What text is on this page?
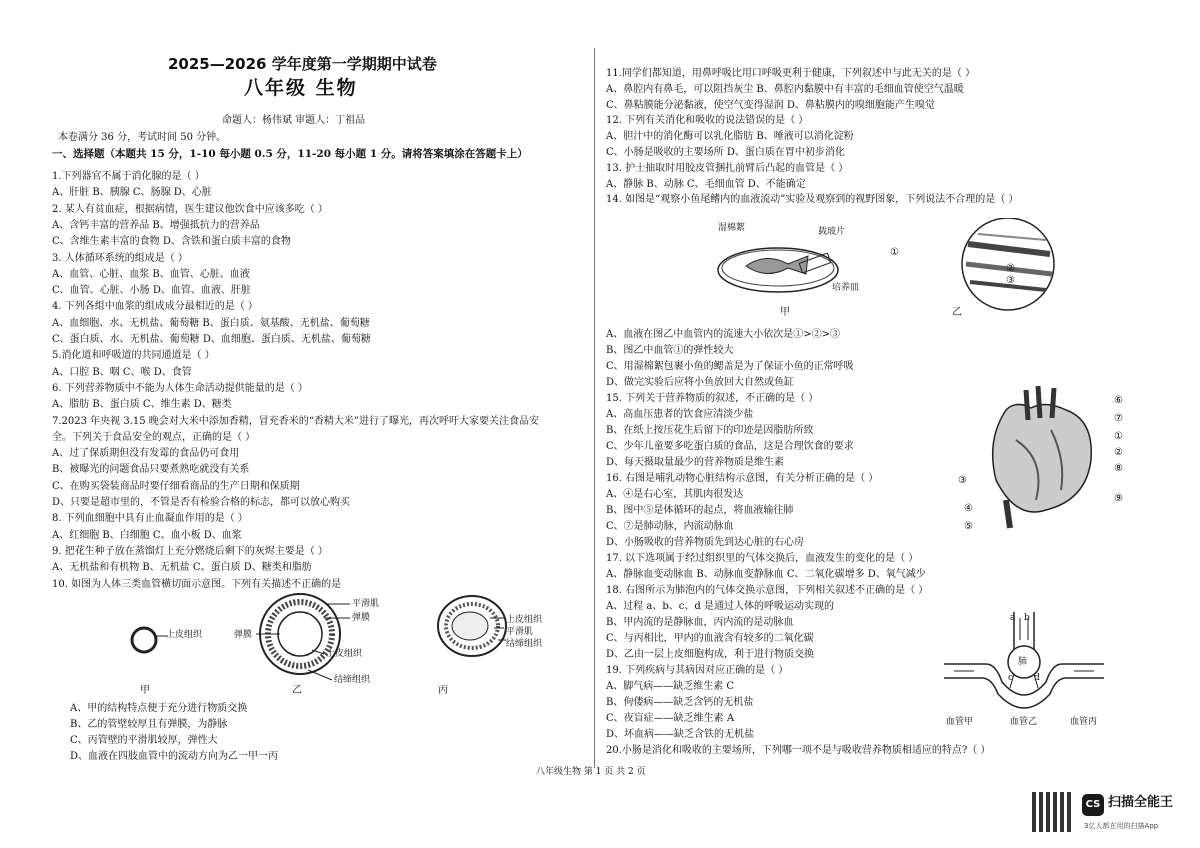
2025—2026 学年度第一学期期中试卷
八年级 生物
命题人：杨伟斌 审题人：丁祖品
本卷满分 36 分，考试时间 50 分钟。
一、选择题（本题共 15 分，1-10 每小题 0.5 分，11-20 每小题 1 分。请将答案填涂在答题卡上）
1.下列器官不属于消化腺的是（ ）
A、肝脏 B、胰腺 C、肠腺 D、心脏
2. 某人有贫血症，根据病情，医生建议他饮食中应该多吃（ ）
A、含钙丰富的营养品 B、增强抵抗力的营养品
C、含维生素丰富的食物 D、含铁和蛋白质丰富的食物
3. 人体循环系统的组成是（ ）
A、血管、心脏、血浆 B、血管、心脏、血液
C、血管、心脏、小肠 D、血管、血液、肝脏
4. 下列各组中血浆的组成成分最相近的是（ ）
A、血细胞、水、无机盐、葡萄糖 B、蛋白质、氨基酸、无机盐、葡萄糖
C、蛋白质、水、无机盐、葡萄糖 D、血细胞、蛋白质、无机盐、葡萄糖
5.消化道和呼吸道的共同通道是（ ）
A、口腔 B、咽 C、喉 D、食管
6. 下列营养物质中不能为人体生命活动提供能量的是（ ）
A、脂肪 B、蛋白质 C、维生素 D、糖类
7.2023 年央视 3.15 晚会对大米中添加香精，冒充香米的“香精大米”进行了曝光，再次呼吁大家要关注食品安
全。下列关于食品安全的观点，正确的是（ ）
A、过了保质期但没有发霉的食品仍可食用
B、被曝光的问题食品只要煮熟吃就没有关系
C、在购买袋装商品时要仔细看商品的生产日期和保质期
D、只要是超市里的，不管是否有检验合格的标志，都可以放心购买
8. 下列血细胞中具有止血凝血作用的是（ ）
A、红细胞 B、白细胞 C、血小板 D、血浆
9. 把花生种子放在蒸馏灯上充分燃烧后剩下的灰烬主要是（ ）
A、无机盐和有机物 B、无机盐 C、蛋白质 D、糖类和脂肪
10. 如图为人体三类血管横切面示意图。下列有关描述不正确的是
上皮组织
平滑肌
弹膜
弹膜
上皮组织
结缔组织
上皮组织
平滑肌
结缔组织
甲	乙	丙
A、甲的结构特点便于充分进行物质交换
B、乙的管壁较厚且有弹膜，为静脉
C、丙管壁的平滑肌较厚，弹性大
D、血液在四肢血管中的流动方向为乙一甲一丙
11.同学们都知道，用鼻呼吸比用口呼吸更利于健康，下列叙述中与此无关的是（ ）
A、鼻腔内有鼻毛，可以阻挡灰尘 B、鼻腔内黏膜中有丰富的毛细血管使空气温暖
C、鼻粘膜能分泌黏液，使空气变得湿润 D、鼻粘膜内的嗅细胞能产生嗅觉
12. 下列有关消化和吸收的说法错误的是（ ）
A、胆汁中的消化酶可以乳化脂肪 B、唾液可以消化淀粉
C、小肠是吸收的主要场所 D、蛋白质在胃中初步消化
13. 护士抽取时用胶皮管捆扎前臂后凸起的血管是（ ）
A、静脉 B、动脉 C、毛细血管 D、不能确定
14. 如图是“观察小鱼尾鳍内的血液流动”实验及观察到的视野图象，下列说法不合理的是（ ）
湿棉絮	载玻片
培养皿
甲
①
②
③
乙
A、血液在图乙中血管内的流速大小依次是①>②>③
B、图乙中血管①的弹性较大
C、用湿棉絮包裹小鱼的鳃盖是为了保证小鱼的正常呼吸
D、做完实验后应将小鱼放回大自然或鱼缸
15. 下列关于营养物质的叙述，不正确的是（ ）
A、高血压患者的饮食应清淡少盐
B、在纸上按压花生后留下的印迹是因脂肪所致
C、少年儿童要多吃蛋白质的食品，这是合理饮食的要求
D、每天摄取量最少的营养物质是维生素
16. 右图是哺乳动物心脏结构示意图，有关分析正确的是（ ）
A、④是右心室，其肌肉很发达
B、图中⑤是体循环的起点，将血液输往肺
C、⑦是肺动脉，内流动脉血
D、小肠吸收的营养物质先到达心脏的右心房
17. 以下选项属于经过组织里的气体交换后，血液发生的变化的是（ ）
A、静脉血变动脉血 B、动脉血变静脉血 C、二氧化碳增多 D、氧气减少
18. 右图所示为肺泡内的气体交换示意图，下列相关叙述不正确的是（ ）
A、过程 a、b、c、d 是通过人体的呼吸运动实现的
B、甲内流的是静脉血，丙内流的是动脉血
C、与丙相比，甲内的血液含有较多的二氧化碳
D、乙由一层上皮细胞构成，利于进行物质交换
19. 下列疾病与其病因对应正确的是（ ）
A、脚气病——缺乏维生素 C
B、佝偻病——缺乏含钙的无机盐
C、夜盲症——缺乏维生素 A
D、坏血病——缺乏含铁的无机盐
20.小肠是消化和吸收的主要场所，下列哪一项不是与吸收营养物质相适应的特点?（ ）
⑥
⑦
①
②
⑧
③
④
⑨
⑤
a b
c d
肺
血管甲	血管乙	血管丙
八年级生物 第 1 页 共 2 页
CS 扫描全能王
3亿人都在用的扫描App
